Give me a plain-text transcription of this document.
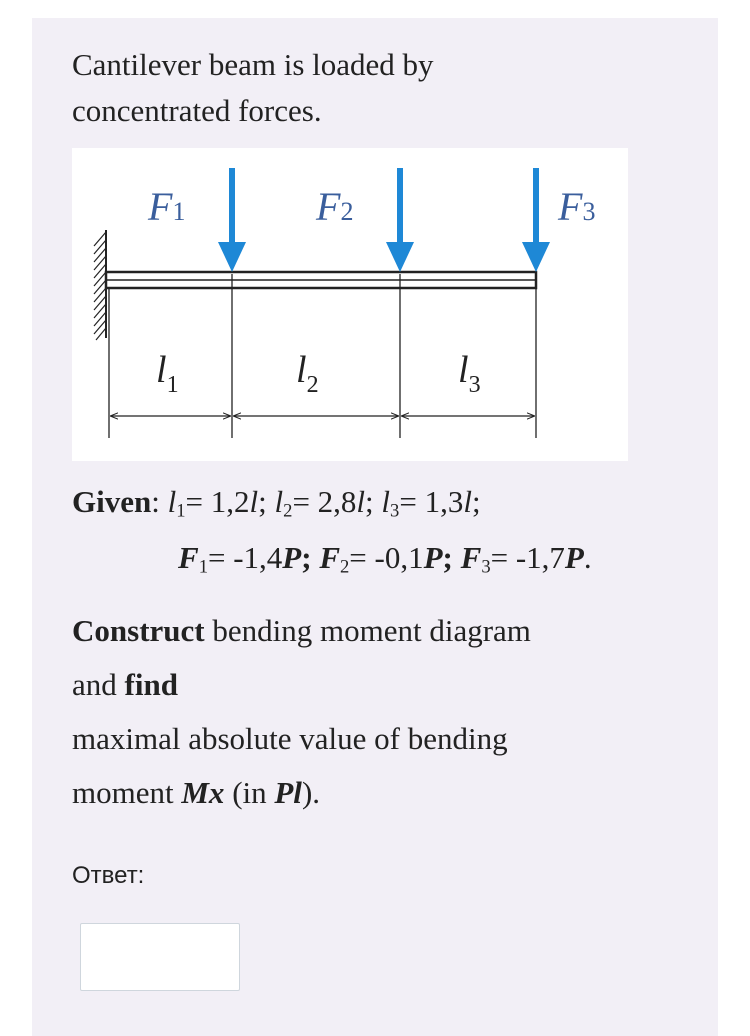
Cantilever beam is loaded by
concentrated forces.
F1	F2	F3
$l_1$	$l_2$	$l_3$
Given: $l_1= 1,2l$; $l_2= 2,8l$; $l_3= 1,3l$;
$F_1= -1,4P$; $F_2= -0,1P$; $F_3= -1,7P$.

Construct bending moment diagram

and find

maximal absolute value of bending

moment Mx (in Pl).

Ответ:
